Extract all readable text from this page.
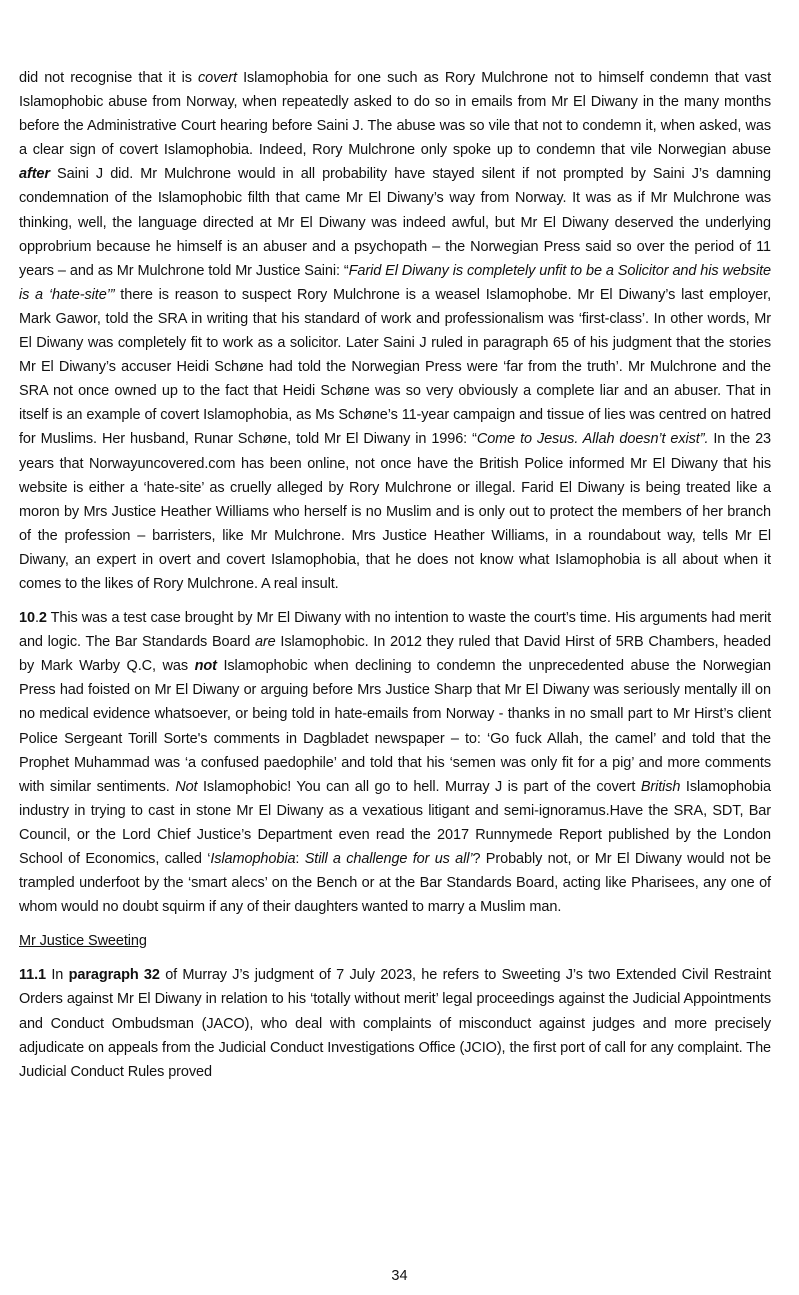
did not recognise that it is covert Islamophobia for one such as Rory Mulchrone not to himself condemn that vast Islamophobic abuse from Norway, when repeatedly asked to do so in emails from Mr El Diwany in the many months before the Administrative Court hearing before Saini J. The abuse was so vile that not to condemn it, when asked, was a clear sign of covert Islamophobia. Indeed, Rory Mulchrone only spoke up to condemn that vile Norwegian abuse after Saini J did. Mr Mulchrone would in all probability have stayed silent if not prompted by Saini J’s damning condemnation of the Islamophobic filth that came Mr El Diwany’s way from Norway. It was as if Mr Mulchrone was thinking, well, the language directed at Mr El Diwany was indeed awful, but Mr El Diwany deserved the underlying opprobrium because he himself is an abuser and a psychopath – the Norwegian Press said so over the period of 11 years – and as Mr Mulchrone told Mr Justice Saini: “Farid El Diwany is completely unfit to be a Solicitor and his website is a ‘hate-site’” there is reason to suspect Rory Mulchrone is a weasel Islamophobe. Mr El Diwany’s last employer, Mark Gawor, told the SRA in writing that his standard of work and professionalism was ‘first-class’. In other words, Mr El Diwany was completely fit to work as a solicitor. Later Saini J ruled in paragraph 65 of his judgment that the stories Mr El Diwany’s accuser Heidi Schøne had told the Norwegian Press were ‘far from the truth’. Mr Mulchrone and the SRA not once owned up to the fact that Heidi Schøne was so very obviously a complete liar and an abuser. That in itself is an example of covert Islamophobia, as Ms Schøne’s 11-year campaign and tissue of lies was centred on hatred for Muslims. Her husband, Runar Schøne, told Mr El Diwany in 1996: “Come to Jesus. Allah doesn’t exist”. In the 23 years that Norwayuncovered.com has been online, not once have the British Police informed Mr El Diwany that his website is either a ‘hate-site’ as cruelly alleged by Rory Mulchrone or illegal. Farid El Diwany is being treated like a moron by Mrs Justice Heather Williams who herself is no Muslim and is only out to protect the members of her branch of the profession – barristers, like Mr Mulchrone. Mrs Justice Heather Williams, in a roundabout way, tells Mr El Diwany, an expert in overt and covert Islamophobia, that he does not know what Islamophobia is all about when it comes to the likes of Rory Mulchrone. A real insult.

10.2 This was a test case brought by Mr El Diwany with no intention to waste the court’s time. His arguments had merit and logic. The Bar Standards Board are Islamophobic. In 2012 they ruled that David Hirst of 5RB Chambers, headed by Mark Warby Q.C, was not Islamophobic when declining to condemn the unprecedented abuse the Norwegian Press had foisted on Mr El Diwany or arguing before Mrs Justice Sharp that Mr El Diwany was seriously mentally ill on no medical evidence whatsoever, or being told in hate-emails from Norway - thanks in no small part to Mr Hirst’s client Police Sergeant Torill Sorte's comments in Dagbladet newspaper – to: ‘Go fuck Allah, the camel’ and told that the Prophet Muhammad was ‘a confused paedophile’ and told that his ‘semen was only fit for a pig’ and more comments with similar sentiments. Not Islamophobic! You can all go to hell. Murray J is part of the covert British Islamophobia industry in trying to cast in stone Mr El Diwany as a vexatious litigant and semi-ignoramus.Have the SRA, SDT, Bar Council, or the Lord Chief Justice’s Department even read the 2017 Runnymede Report published by the London School of Economics, called ‘Islamophobia: Still a challenge for us all’? Probably not, or Mr El Diwany would not be trampled underfoot by the ‘smart alecs’ on the Bench or at the Bar Standards Board, acting like Pharisees, any one of whom would no doubt squirm if any of their daughters wanted to marry a Muslim man.

Mr Justice Sweeting

11.1 In paragraph 32 of Murray J’s judgment of 7 July 2023, he refers to Sweeting J’s two Extended Civil Restraint Orders against Mr El Diwany in relation to his ‘totally without merit’ legal proceedings against the Judicial Appointments and Conduct Ombudsman (JACO), who deal with complaints of misconduct against judges and more precisely adjudicate on appeals from the Judicial Conduct Investigations Office (JCIO), the first port of call for any complaint. The Judicial Conduct Rules proved

34
